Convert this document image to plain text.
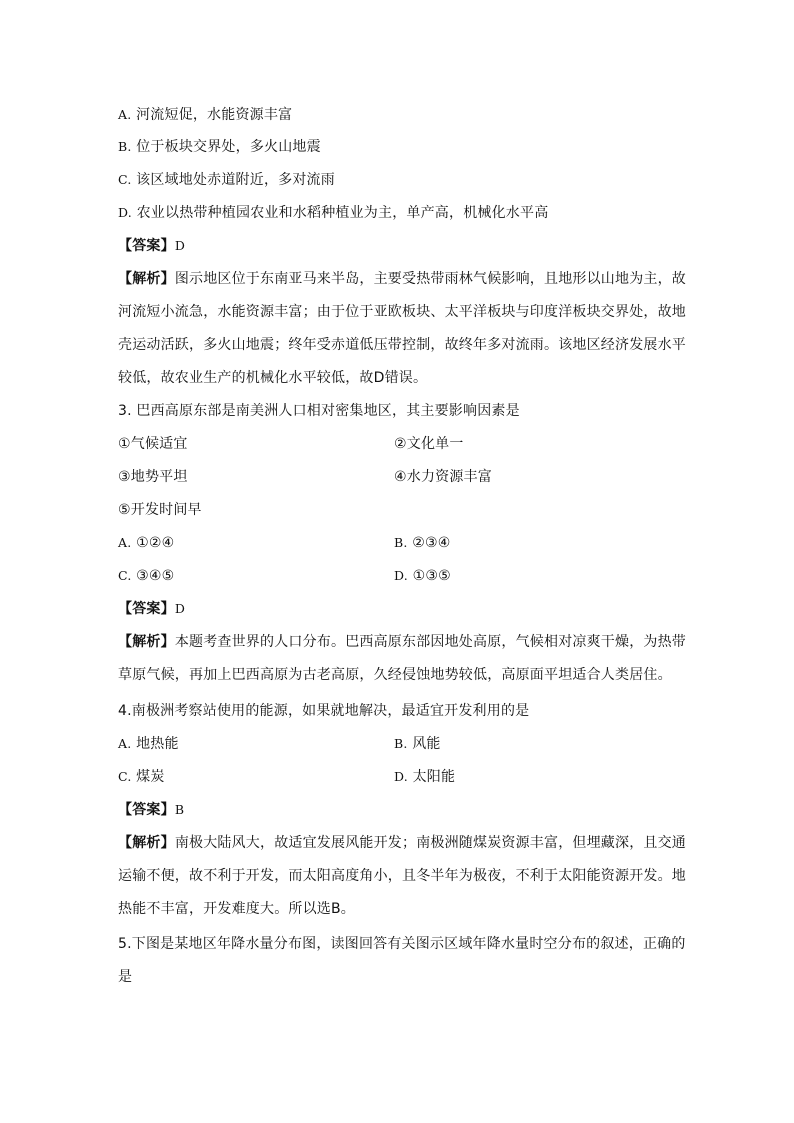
A. 河流短促，水能资源丰富
B. 位于板块交界处，多火山地震
C. 该区域地处赤道附近，多对流雨
D. 农业以热带种植园农业和水稻种植业为主，单产高，机械化水平高
【答案】D
【解析】图示地区位于东南亚马来半岛，主要受热带雨林气候影响，且地形以山地为主，故
河流短小流急，水能资源丰富；由于位于亚欧板块、太平洋板块与印度洋板块交界处，故地
壳运动活跃，多火山地震；终年受赤道低压带控制，故终年多对流雨。该地区经济发展水平
较低，故农业生产的机械化水平较低，故D错误。
3. 巴西高原东部是南美洲人口相对密集地区，其主要影响因素是
①气候适宜	②文化单一
③地势平坦	④水力资源丰富
⑤开发时间早
A. ①②④	B. ②③④
C. ③④⑤	D. ①③⑤
【答案】D
【解析】本题考查世界的人口分布。巴西高原东部因地处高原，气候相对凉爽干燥，为热带
草原气候，再加上巴西高原为古老高原，久经侵蚀地势较低，高原面平坦适合人类居住。
4.南极洲考察站使用的能源，如果就地解决，最适宜开发利用的是
A. 地热能	B. 风能
C. 煤炭	D. 太阳能
【答案】B
【解析】南极大陆风大，故适宜发展风能开发；南极洲随煤炭资源丰富，但埋藏深，且交通
运输不便，故不利于开发，而太阳高度角小，且冬半年为极夜，不利于太阳能资源开发。地
热能不丰富，开发难度大。所以选B。
5.下图是某地区年降水量分布图，读图回答有关图示区域年降水量时空分布的叙述，正确的
是
